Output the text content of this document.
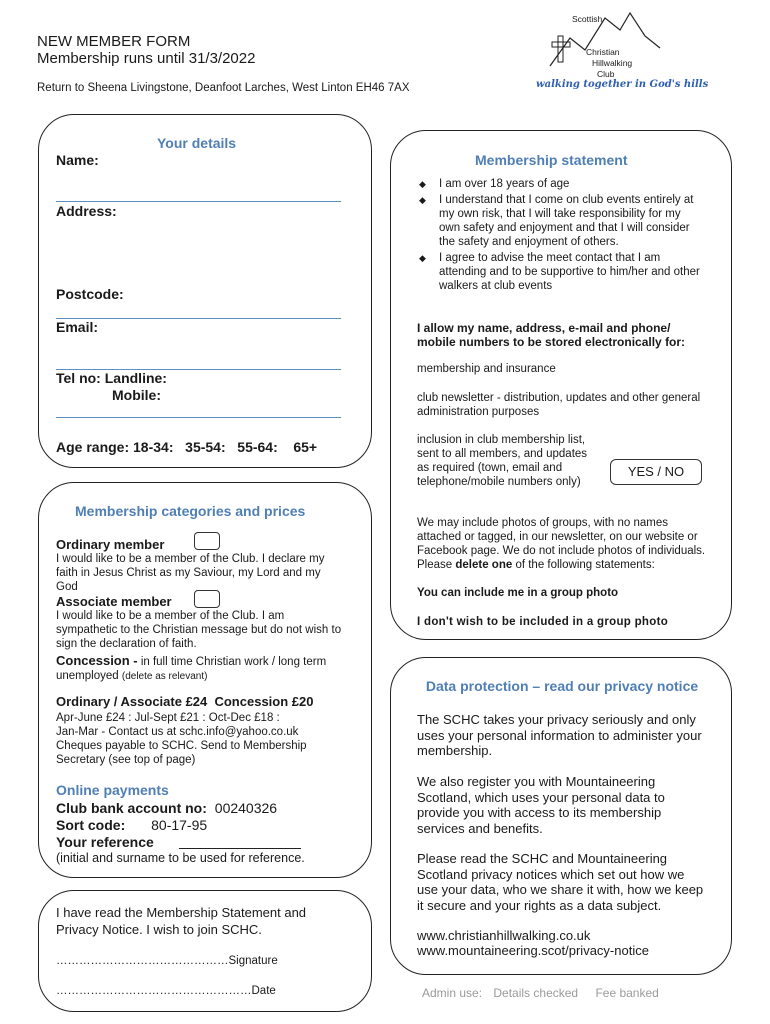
NEW MEMBER FORM
Membership runs until 31/3/2022
Return to Sheena Livingstone, Deanfoot Larches, West Linton EH46 7AX
Scottish
Christian
Hillwalking
Club
walking together in God's hills
Your details
Name:
Address:
Postcode:
Email:
Tel no: Landline:
Mobile:
Age range: 18-34:   35-54:   55-64:    65+
Membership categories and prices
Ordinary member
I would like to be a member of the Club. I declare my faith in Jesus Christ as my Saviour, my Lord and my God
Associate member
I would like to be a member of the Club. I am sympathetic to the Christian message but do not wish to sign the declaration of faith.
Concession - in full time Christian work / long term unemployed (delete as relevant)
Ordinary / Associate £24  Concession £20
Apr-June £24 : Jul-Sept £21 : Oct-Dec £18 :
Jan-Mar - Contact us at schc.info@yahoo.co.uk
Cheques payable to SCHC. Send to Membership Secretary (see top of page)
Online payments
Club bank account no: 00240326
Sort code: 80-17-95
Your reference
(initial and surname to be used for reference.
I have read the Membership Statement and Privacy Notice. I wish to join SCHC.
………………………………………Signature
……………………………………………Date
Membership statement
◆ I am over 18 years of age
◆ I understand that I come on club events entirely at my own risk, that I will take responsibility for my own safety and enjoyment and that I will consider the safety and enjoyment of others.
◆ I agree to advise the meet contact that I am attending and to be supportive to him/her and other walkers at club events
I allow my name, address, e-mail and phone/ mobile numbers to be stored electronically for:
membership and insurance
club newsletter - distribution, updates and other general administration purposes
inclusion in club membership list, sent to all members, and updates as required (town, email and telephone/mobile numbers only)
YES / NO
We may include photos of groups, with no names attached or tagged, in our newsletter, on our website or Facebook page. We do not include photos of individuals. Please delete one of the following statements:
You can include me in a group photo
I don't wish to be included in a group photo
Data protection – read our privacy notice
The SCHC takes your privacy seriously and only uses your personal information to administer your membership.
We also register you with Mountaineering Scotland, which uses your personal data to provide you with access to its membership services and benefits.
Please read the SCHC and Mountaineering Scotland privacy notices which set out how we use your data, who we share it with, how we keep it secure and your rights as a data subject.
www.christianhillwalking.co.uk
www.mountaineering.scot/privacy-notice
Admin use: Details checked Fee banked
